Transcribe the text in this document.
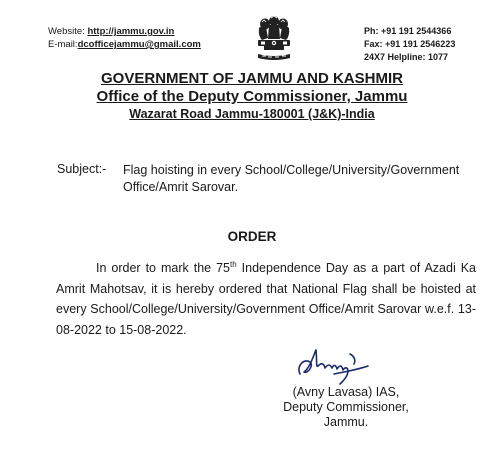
Website: http://jammu.gov.in
E-mail:dcofficejammu@gmail.com
Ph: +91 191 2544366
Fax: +91 191 2546223
24X7 Helpline: 1077
GOVERNMENT OF JAMMU AND KASHMIR
Office of the Deputy Commissioner, Jammu
Wazarat Road Jammu-180001 (J&K)-India
Subject:- Flag hoisting in every School/College/University/Government Office/Amrit Sarovar.
ORDER
In order to mark the 75th Independence Day as a part of Azadi Ka Amrit Mahotsav, it is hereby ordered that National Flag shall be hoisted at every School/College/University/Government Office/Amrit Sarovar w.e.f. 13-08-2022 to 15-08-2022.
(Avny Lavasa) IAS,
Deputy Commissioner,
Jammu.
